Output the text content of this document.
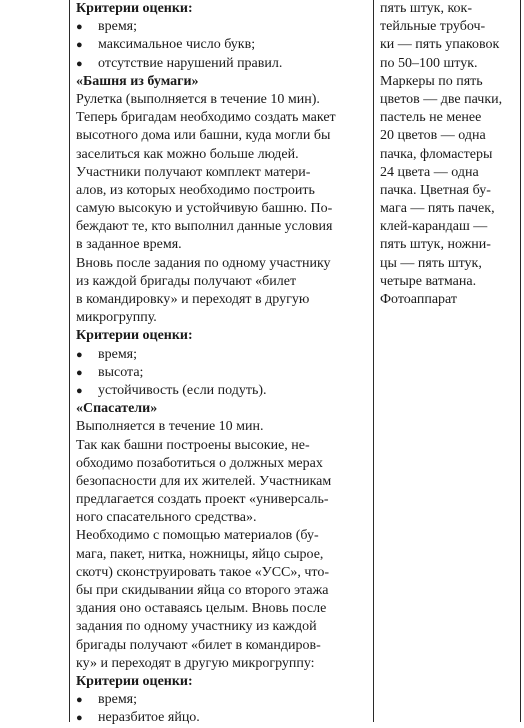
Критерии оценки:
●	время;
●	максимальное число букв;
●	отсутствие нарушений правил.
«Башня из бумаги»
Рулетка (выполняется в течение 10 мин).
Теперь бригадам необходимо создать макет
высотного дома или башни, куда могли бы
заселиться как можно больше людей.
Участники получают комплект матери-
алов, из которых необходимо построить
самую высокую и устойчивую башню. По-
беждают те, кто выполнил данные условия
в заданное время.
Вновь после задания по одному участнику
из каждой бригады получают «билет
в командировку» и переходят в другую
микрогруппу.
Критерии оценки:
●	время;
●	высота;
●	устойчивость (если подуть).
«Спасатели»
Выполняется в течение 10 мин.
Так как башни построены высокие, не-
обходимо позаботиться о должных мерах
безопасности для их жителей. Участникам
предлагается создать проект «универсаль-
ного спасательного средства».
Необходимо с помощью материалов (бу-
мага, пакет, нитка, ножницы, яйцо сырое,
скотч) сконструировать такое «УСС», что-
бы при скидывании яйца со второго этажа
здания оно оставаясь целым. Вновь после
задания по одному участнику из каждой
бригады получают «билет в командиров-
ку» и переходят в другую микрогруппу:
Критерии оценки:
●	время;
●	неразбитое яйцо.
пять штук, кок-
тейльные трубоч-
ки — пять упаковок
по 50–100 штук.
Маркеры по пять
цветов — две пачки,
пастель не менее
20 цветов — одна
пачка, фломастеры
24 цвета — одна
пачка. Цветная бу-
мага — пять пачек,
клей-карандаш —
пять штук, ножни-
цы — пять штук,
четыре ватмана.
Фотоаппарат
